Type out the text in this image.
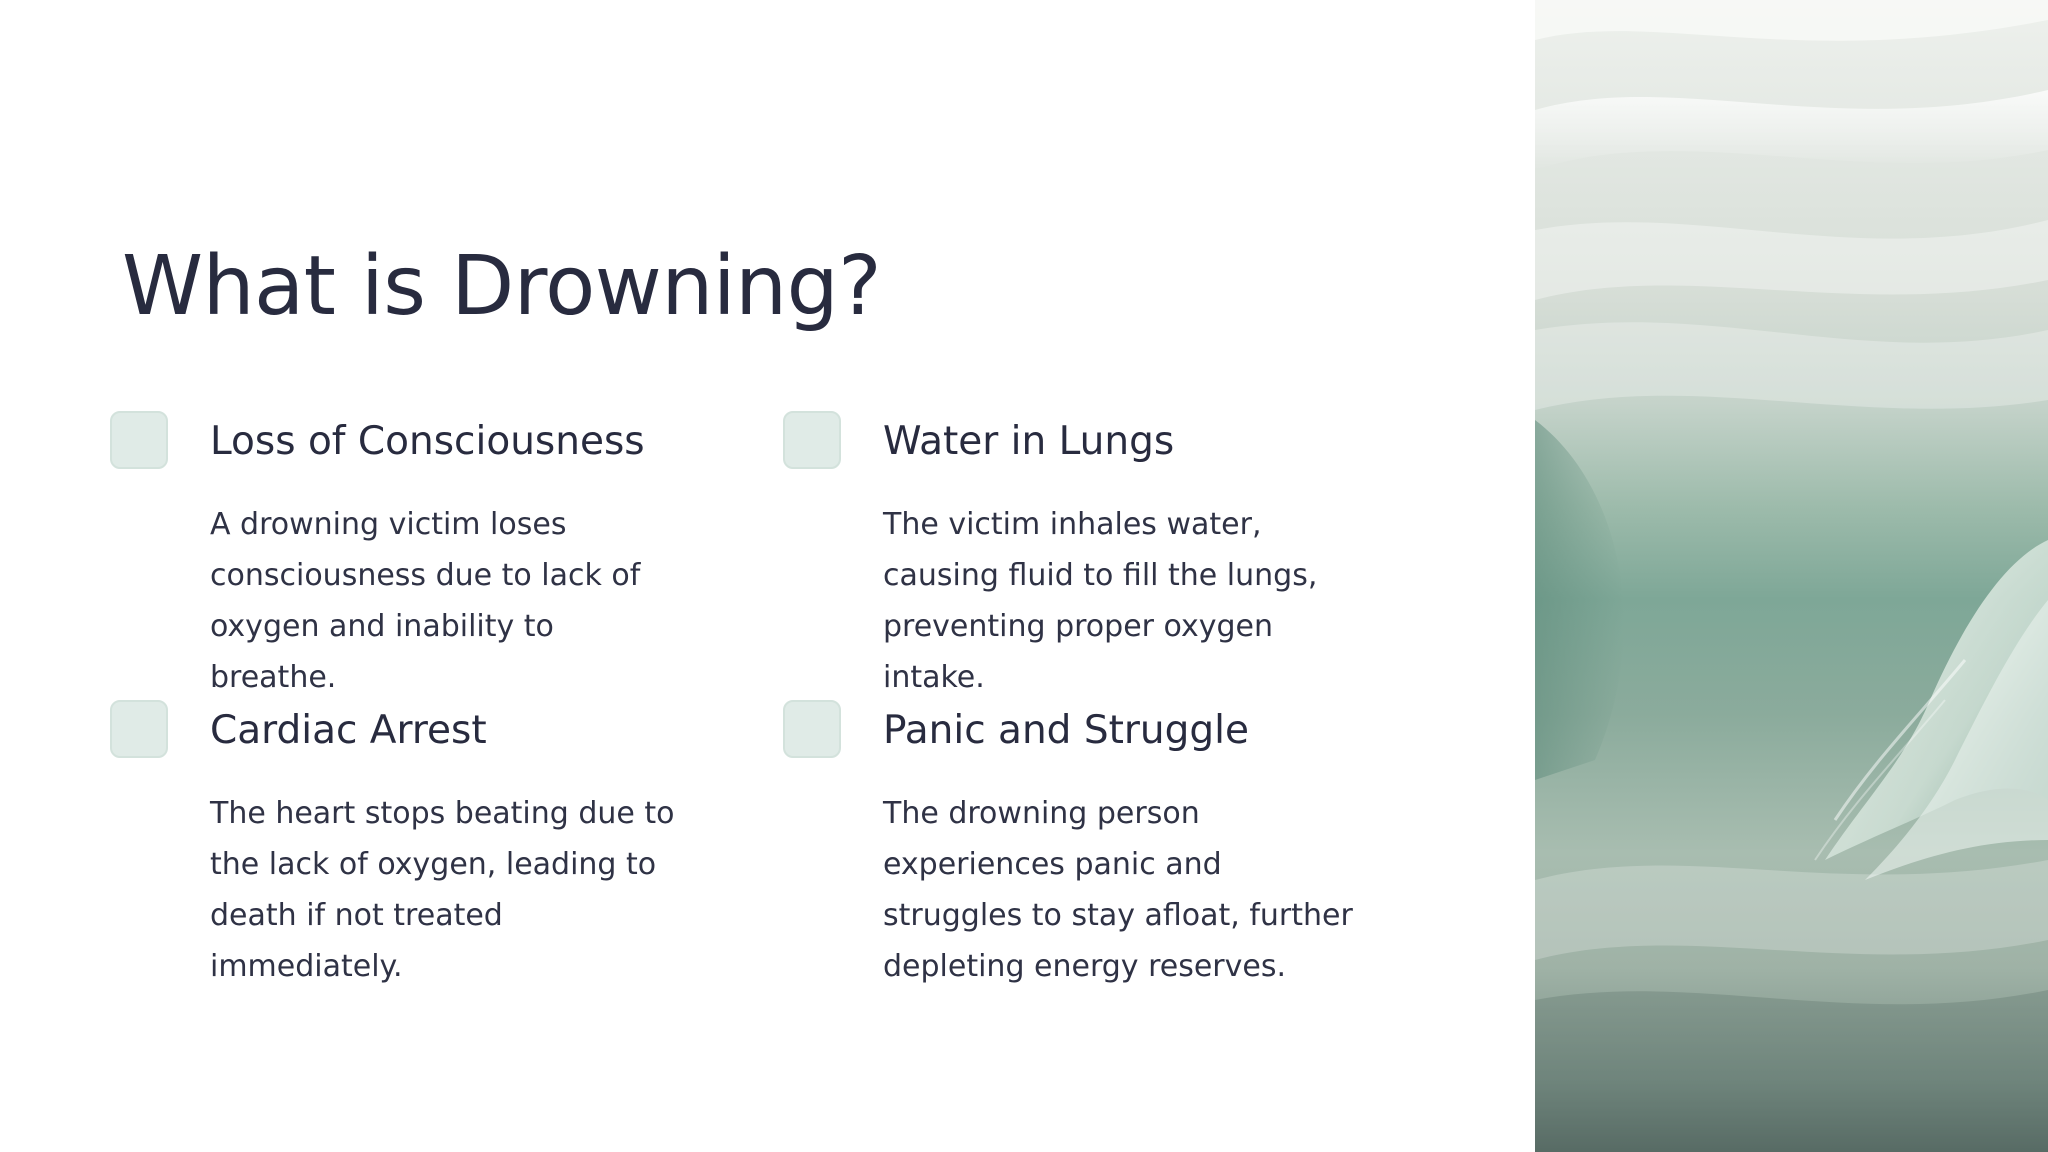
What is Drowning?
Loss of Consciousness

A drowning victim loses consciousness due to lack of oxygen and inability to breathe.

Water in Lungs

The victim inhales water, causing fluid to fill the lungs, preventing proper oxygen intake.

Cardiac Arrest

The heart stops beating due to the lack of oxygen, leading to death if not treated immediately.

Panic and Struggle

The drowning person experiences panic and struggles to stay afloat, further depleting energy reserves.
